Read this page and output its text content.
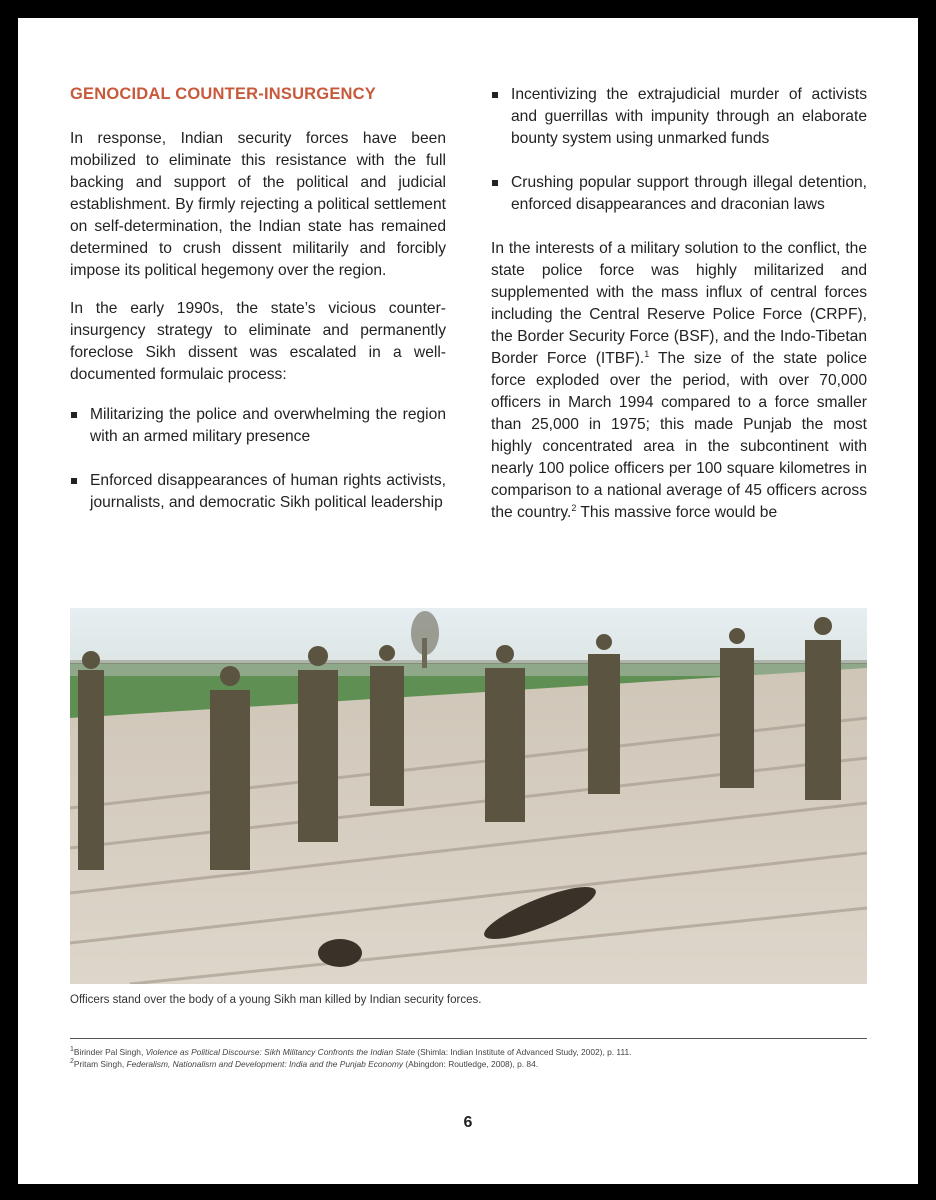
GENOCIDAL COUNTER-INSURGENCY

In response, Indian security forces have been mobilized to eliminate this resistance with the full backing and support of the political and judicial establishment. By firmly rejecting a political settlement on self-determination, the Indian state has remained determined to crush dissent militarily and forcibly impose its political hegemony over the region.

In the early 1990s, the state’s vicious counter-insurgency strategy to eliminate and permanently foreclose Sikh dissent was escalated in a well-documented formulaic process:

Militarizing the police and overwhelming the region with an armed military presence
Enforced disappearances of human rights activists, journalists, and democratic Sikh political leadership
Incentivizing the extrajudicial murder of activists and guerrillas with impunity through an elaborate bounty system using unmarked funds
Crushing popular support through illegal detention, enforced disappearances and draconian laws

In the interests of a military solution to the conflict, the state police force was highly militarized and supplemented with the mass influx of central forces including the Central Reserve Police Force (CRPF), the Border Security Force (BSF), and the Indo-Tibetan Border Force (ITBF).$^1$ The size of the state police force exploded over the period, with over 70,000 officers in March 1994 compared to a force smaller than 25,000 in 1975; this made Punjab the most highly concentrated area in the subcontinent with nearly 100 police officers per 100 square kilometres in comparison to a national average of 45 officers across the country.$^2$ This massive force would be

Officers stand over the body of a young Sikh man killed by Indian security forces.
$^1$Birinder Pal Singh, Violence as Political Discourse: Sikh Militancy Confronts the Indian State (Shimla: Indian Institute of Advanced Study, 2002), p. 111.
$^2$Pritam Singh, Federalism, Nationalism and Development: India and the Punjab Economy (Abingdon: Routledge, 2008), p. 84.
6
